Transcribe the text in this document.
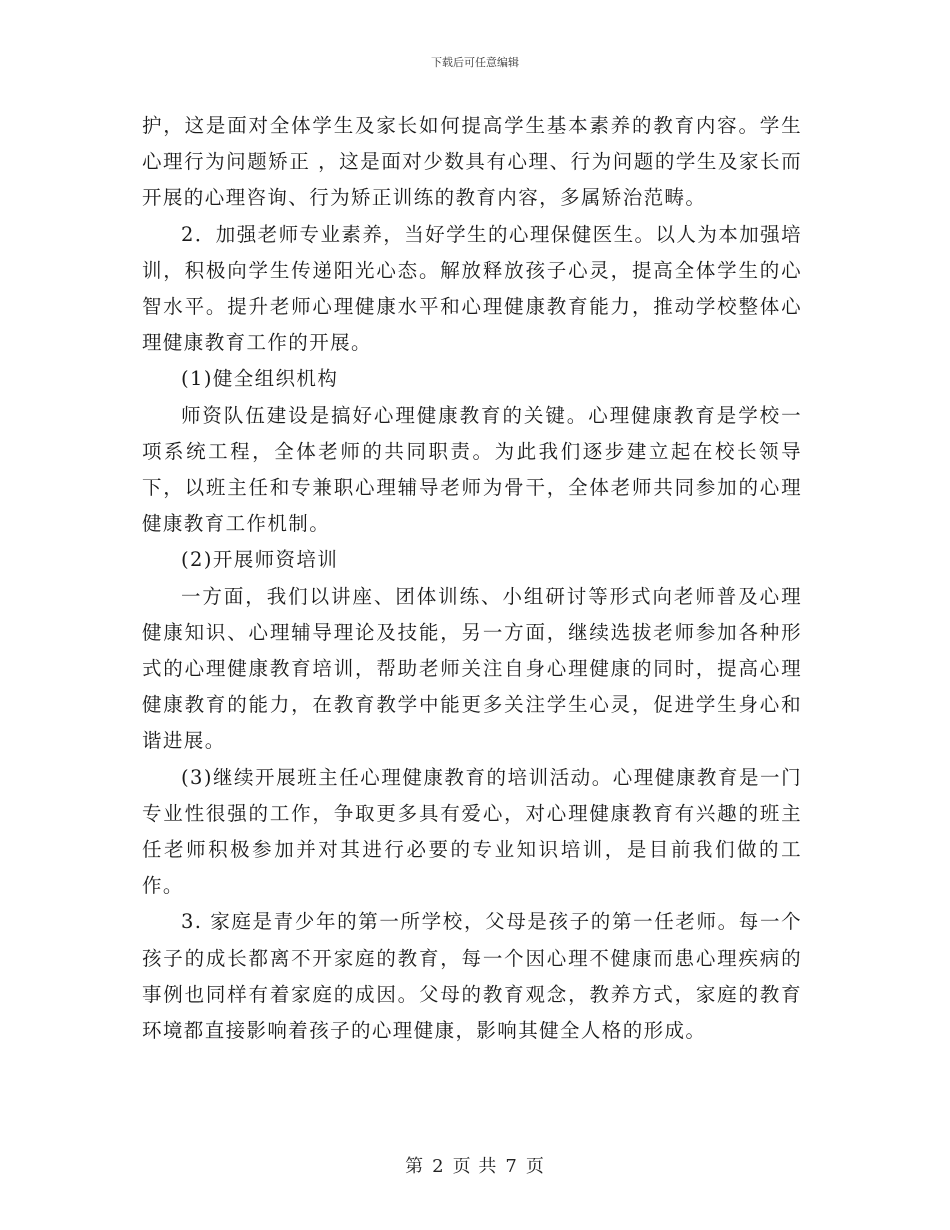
下载后可任意编辑

护，这是面对全体学生及家长如何提高学生基本素养的教育内容。学生心理行为问题矫正 ，这是面对少数具有心理、行为问题的学生及家长而开展的心理咨询、行为矫正训练的教育内容，多属矫治范畴。

2．加强老师专业素养，当好学生的心理保健医生。以人为本加强培训，积极向学生传递阳光心态。解放释放孩子心灵，提高全体学生的心智水平。提升老师心理健康水平和心理健康教育能力，推动学校整体心理健康教育工作的开展。

(1)健全组织机构

师资队伍建设是搞好心理健康教育的关键。心理健康教育是学校一项系统工程，全体老师的共同职责。为此我们逐步建立起在校长领导下，以班主任和专兼职心理辅导老师为骨干，全体老师共同参加的心理健康教育工作机制。

(2)开展师资培训

一方面，我们以讲座、团体训练、小组研讨等形式向老师普及心理健康知识、心理辅导理论及技能，另一方面，继续选拔老师参加各种形式的心理健康教育培训，帮助老师关注自身心理健康的同时，提高心理健康教育的能力，在教育教学中能更多关注学生心灵，促进学生身心和谐进展。

(3)继续开展班主任心理健康教育的培训活动。心理健康教育是一门专业性很强的工作，争取更多具有爱心，对心理健康教育有兴趣的班主任老师积极参加并对其进行必要的专业知识培训，是目前我们做的工作。

3. 家庭是青少年的第一所学校，父母是孩子的第一任老师。每一个孩子的成长都离不开家庭的教育，每一个因心理不健康而患心理疾病的事例也同样有着家庭的成因。父母的教育观念，教养方式，家庭的教育环境都直接影响着孩子的心理健康，影响其健全人格的形成。

第 2 页 共 7 页
